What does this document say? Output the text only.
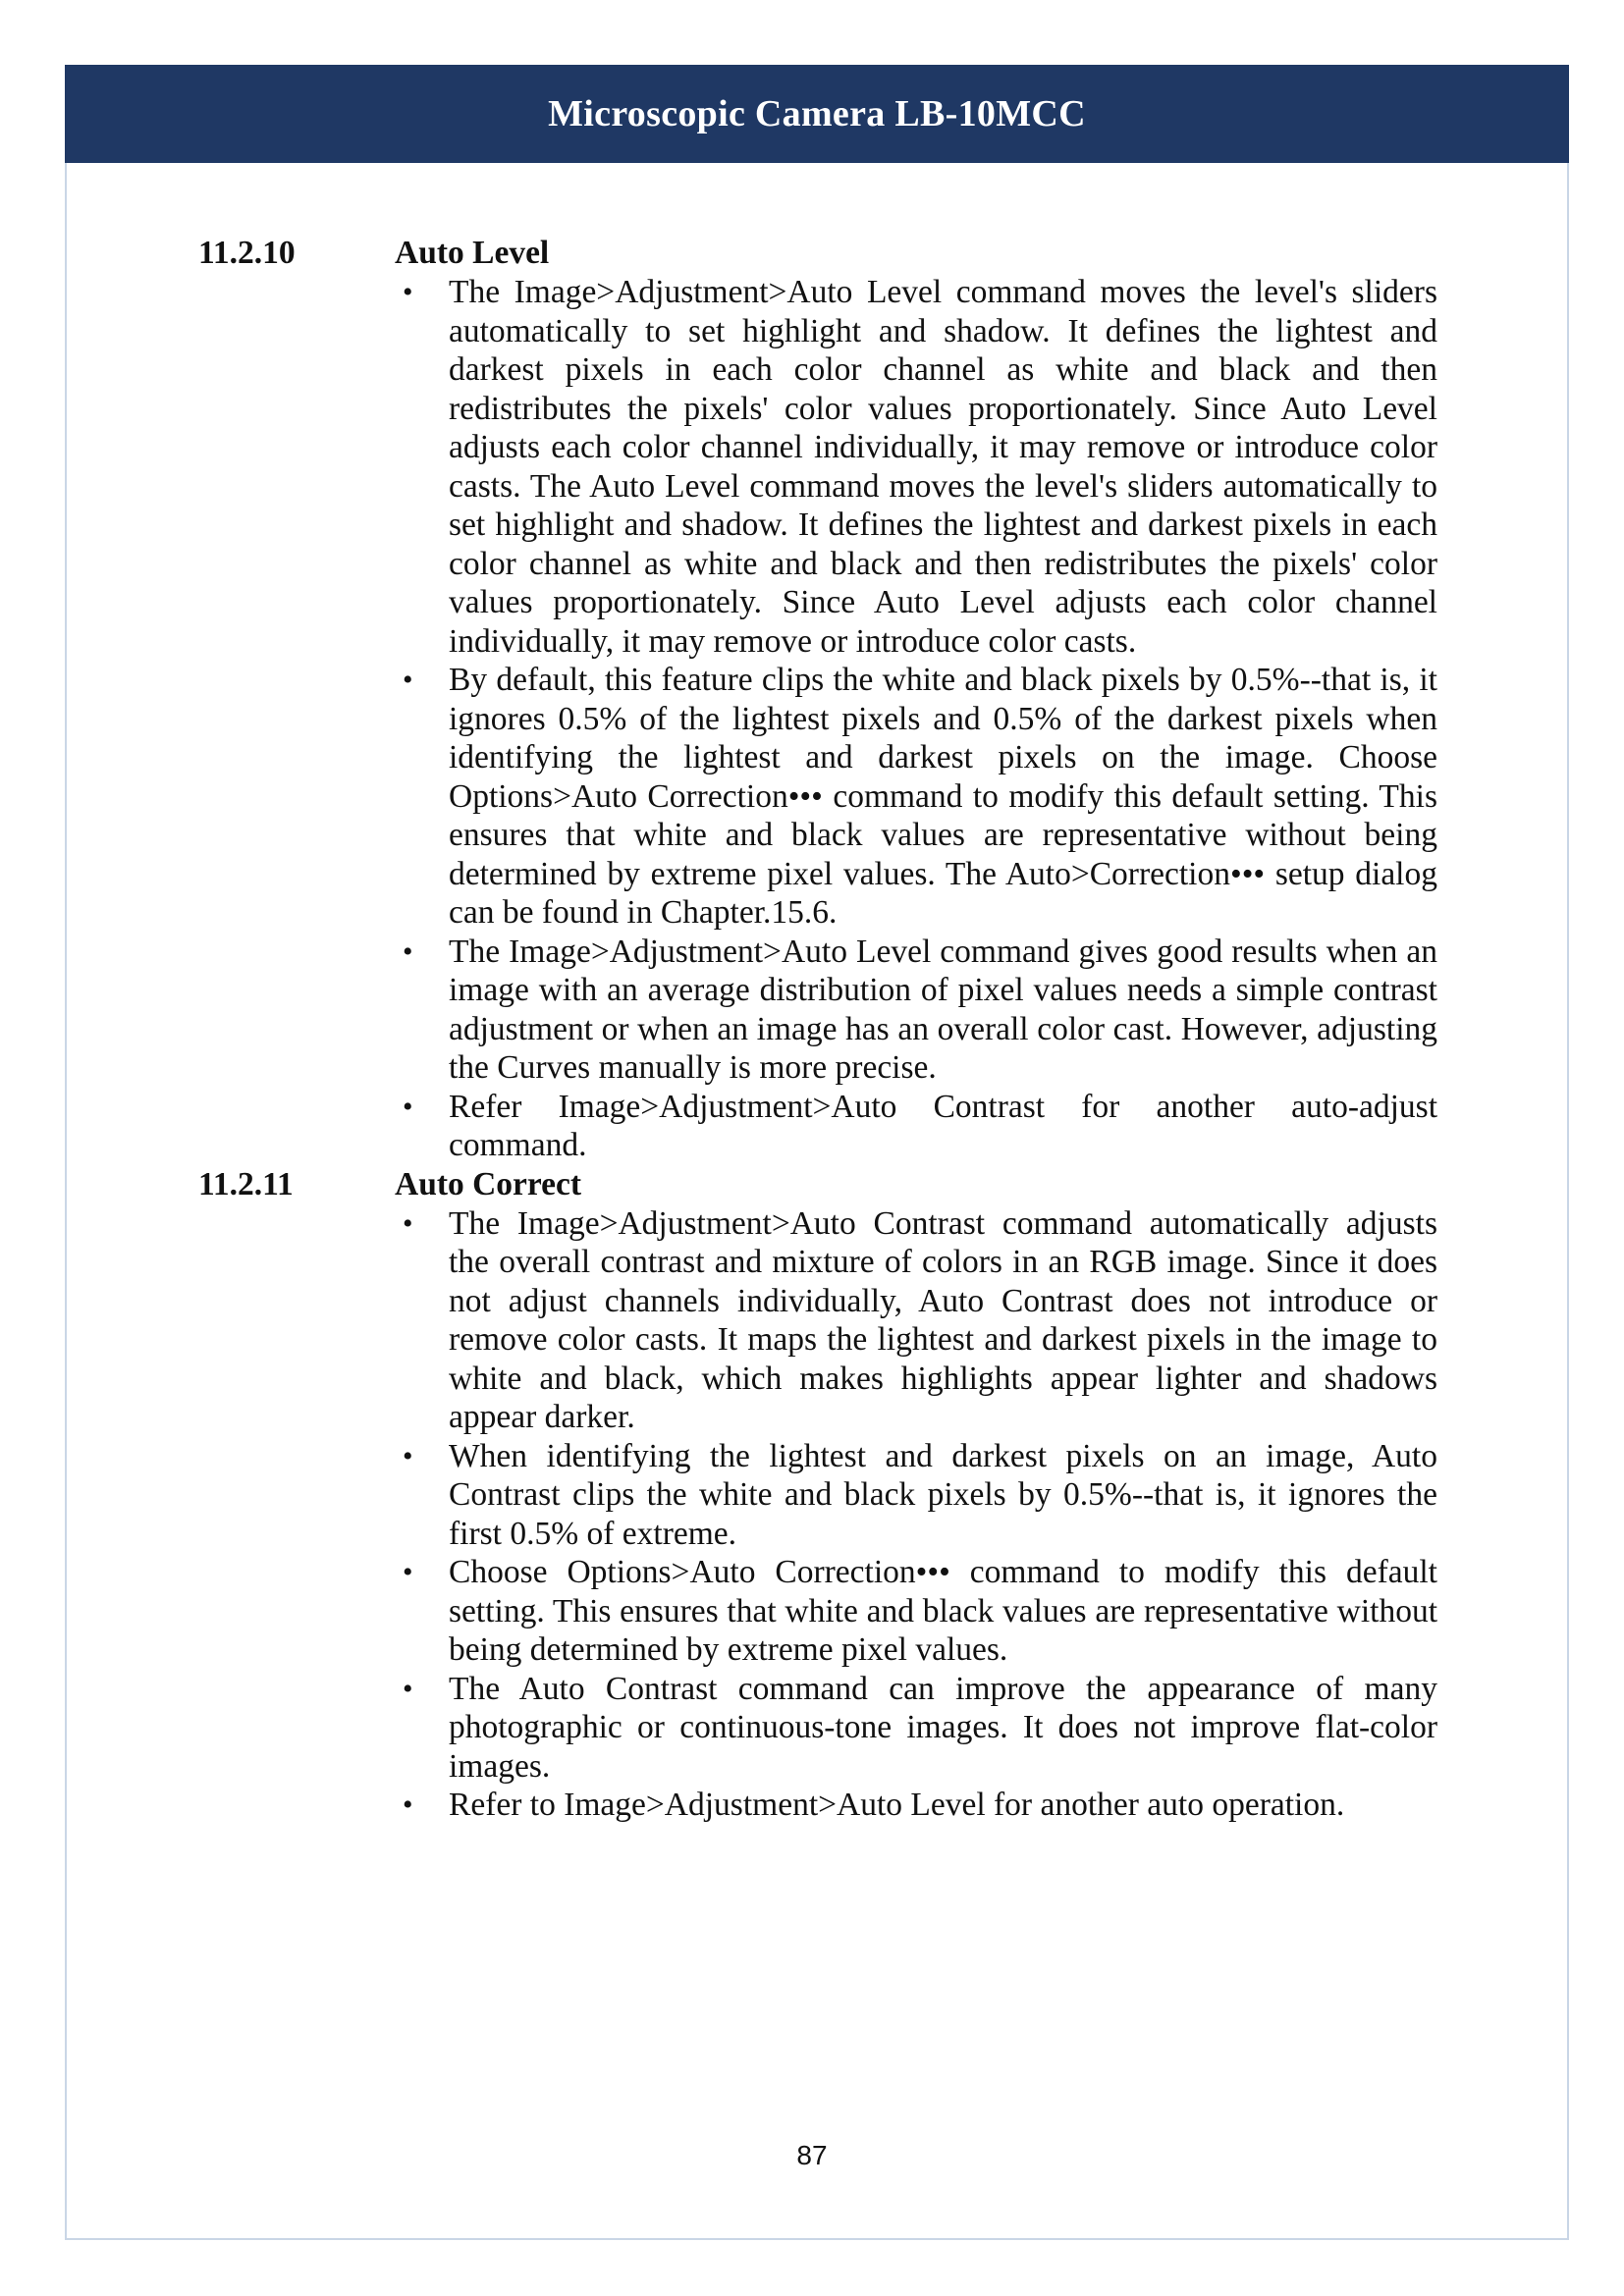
Microscopic Camera LB-10MCC
11.2.10	Auto Level
• The Image>Adjustment>Auto Level command moves the level's sliders automatically to set highlight and shadow. It defines the lightest and darkest pixels in each color channel as white and black and then redistributes the pixels' color values proportionately. Since Auto Level adjusts each color channel individually, it may remove or introduce color casts. The Auto Level command moves the level's sliders automatically to set highlight and shadow. It defines the lightest and darkest pixels in each color channel as white and black and then redistributes the pixels' color values proportionately. Since Auto Level adjusts each color channel individually, it may remove or introduce color casts.
• By default, this feature clips the white and black pixels by 0.5%--that is, it ignores 0.5% of the lightest pixels and 0.5% of the darkest pixels when identifying the lightest and darkest pixels on the image. Choose Options>Auto Correction••• command to modify this default setting. This ensures that white and black values are representative without being determined by extreme pixel values. The Auto>Correction••• setup dialog can be found in Chapter.15.6.
• The Image>Adjustment>Auto Level command gives good results when an image with an average distribution of pixel values needs a simple contrast adjustment or when an image has an overall color cast. However, adjusting the Curves manually is more precise.
• Refer Image>Adjustment>Auto Contrast for another auto-adjust command.
11.2.11	Auto Correct
• The Image>Adjustment>Auto Contrast command automatically adjusts the overall contrast and mixture of colors in an RGB image. Since it does not adjust channels individually, Auto Contrast does not introduce or remove color casts. It maps the lightest and darkest pixels in the image to white and black, which makes highlights appear lighter and shadows appear darker.
• When identifying the lightest and darkest pixels on an image, Auto Contrast clips the white and black pixels by 0.5%--that is, it ignores the first 0.5% of extreme.
• Choose Options>Auto Correction••• command to modify this default setting. This ensures that white and black values are representative without being determined by extreme pixel values.
• The Auto Contrast command can improve the appearance of many photographic or continuous-tone images. It does not improve flat-color images.
• Refer to Image>Adjustment>Auto Level for another auto operation.
87
